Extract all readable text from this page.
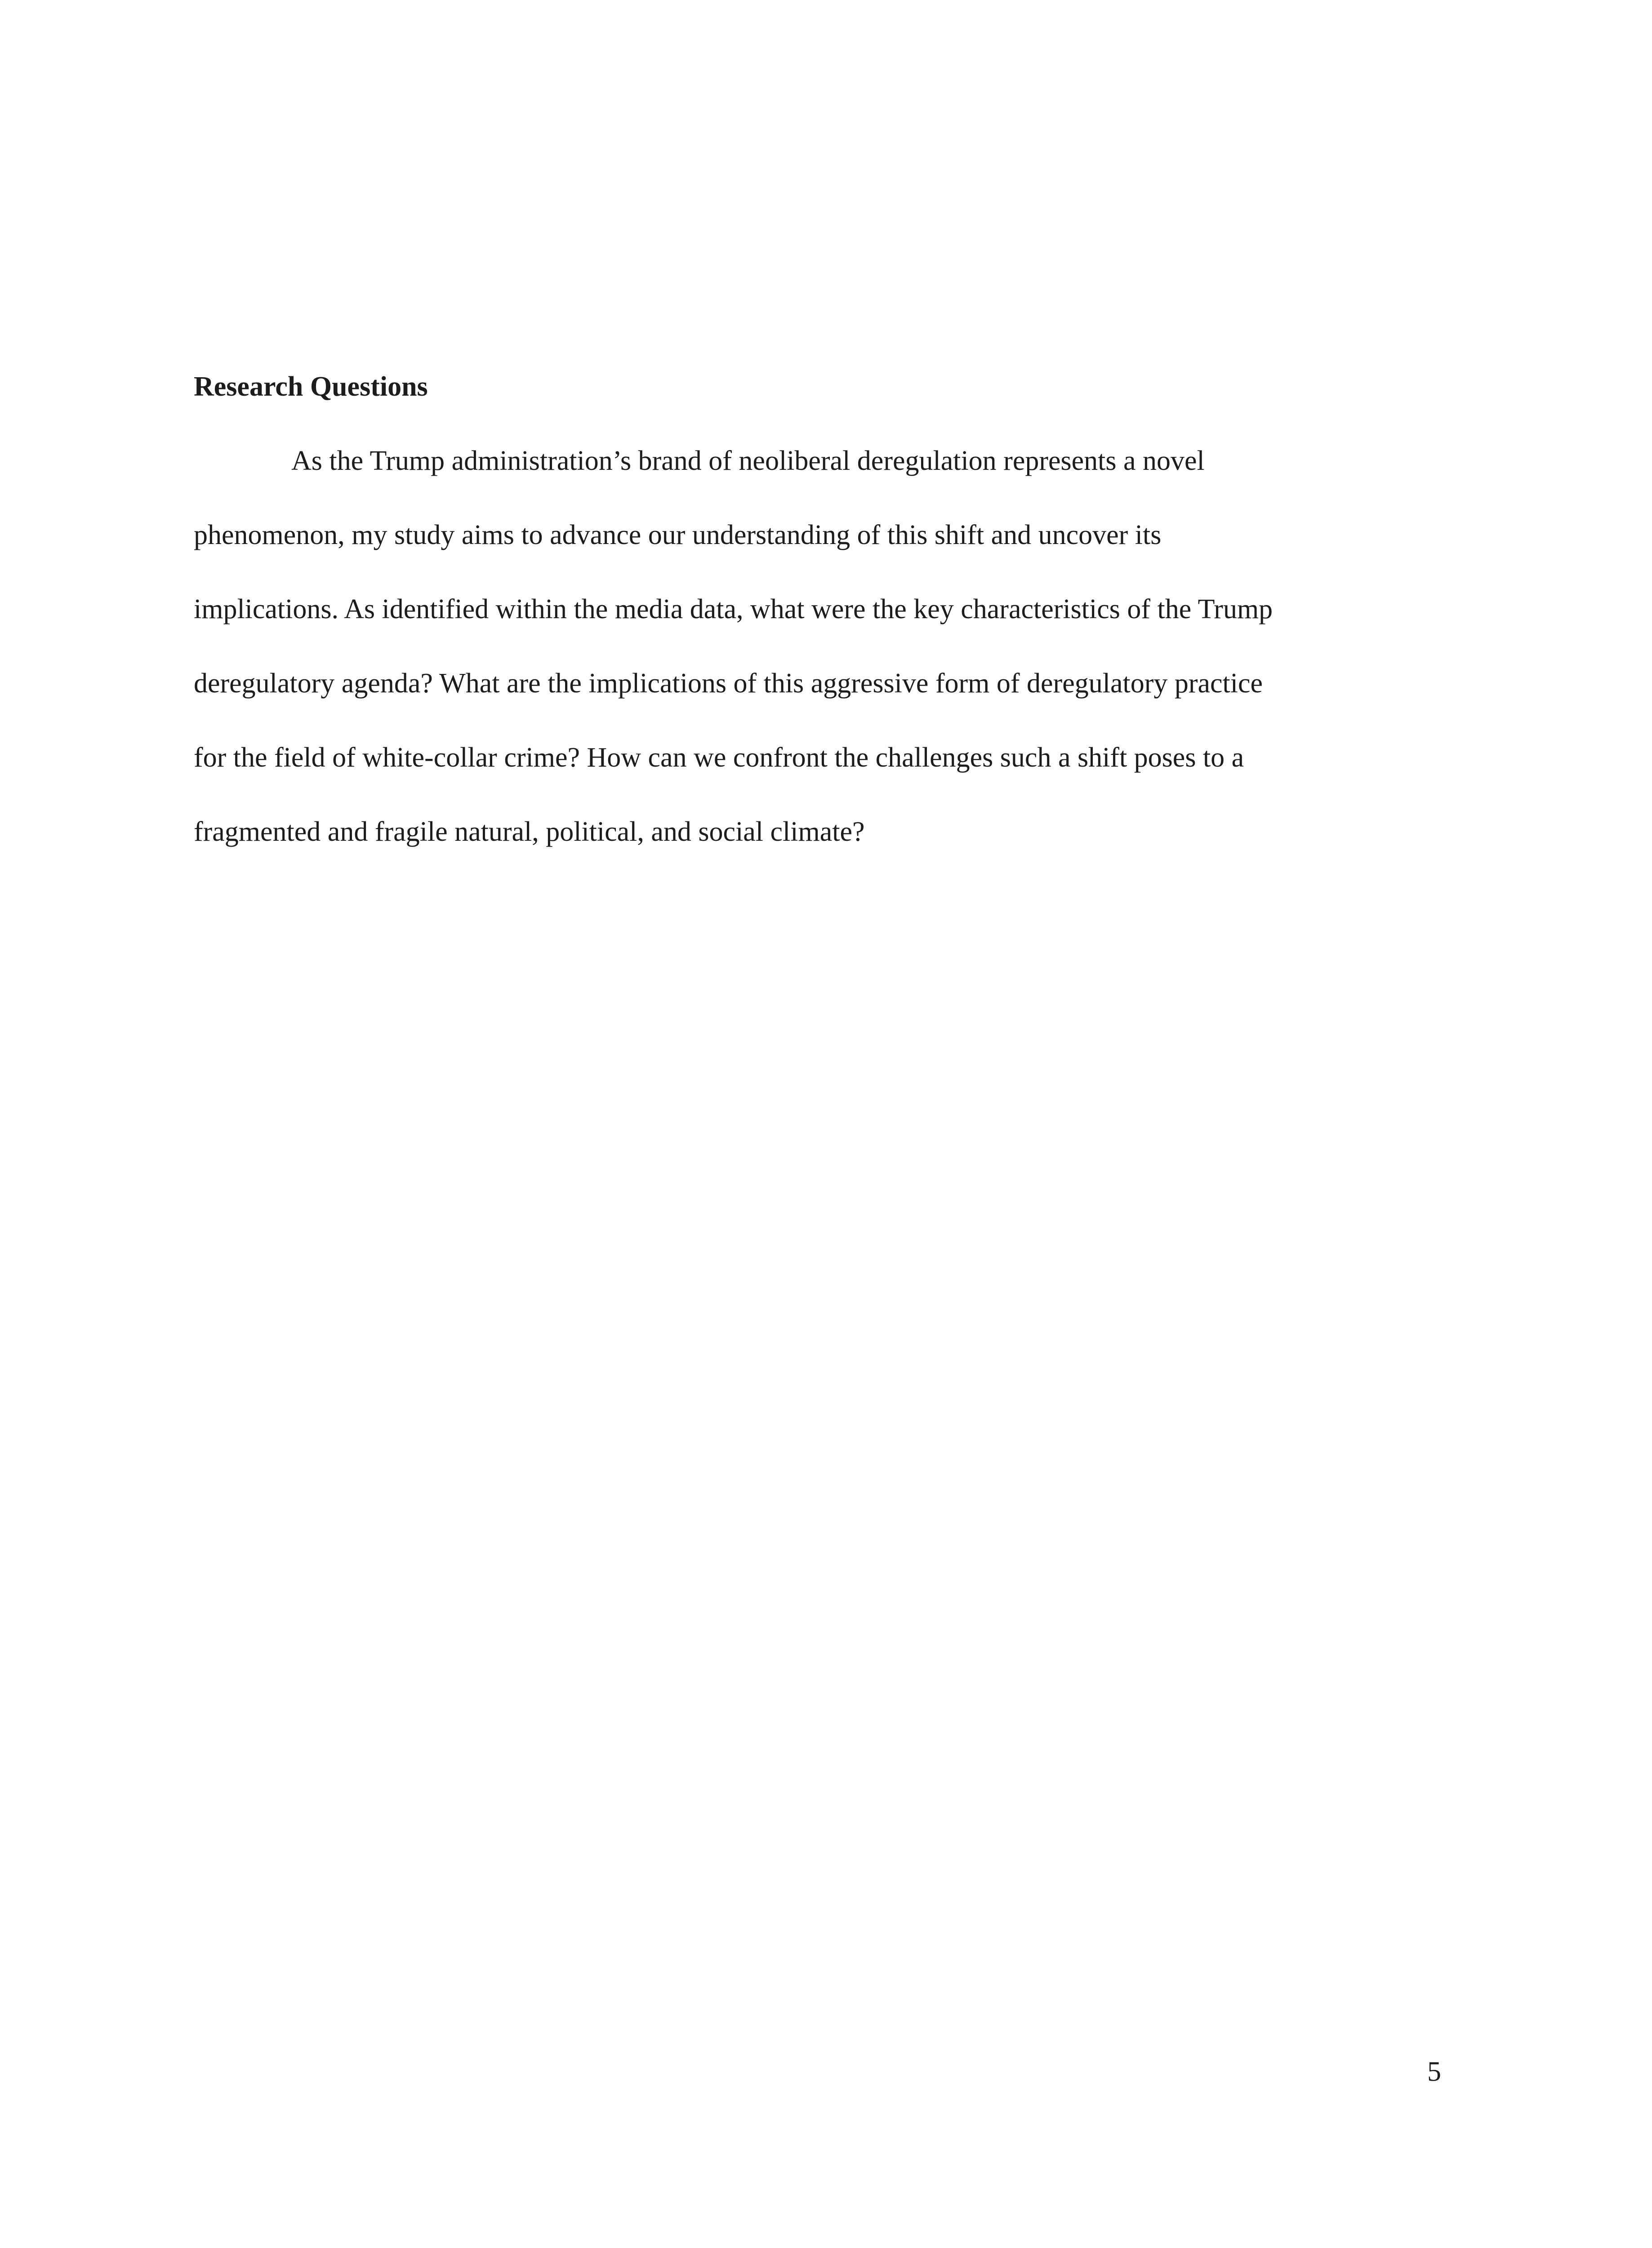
Research Questions

As the Trump administration’s brand of neoliberal deregulation represents a novel

phenomenon, my study aims to advance our understanding of this shift and uncover its

implications. As identified within the media data, what were the key characteristics of the Trump

deregulatory agenda? What are the implications of this aggressive form of deregulatory practice

for the field of white-collar crime? How can we confront the challenges such a shift poses to a

fragmented and fragile natural, political, and social climate?

5
